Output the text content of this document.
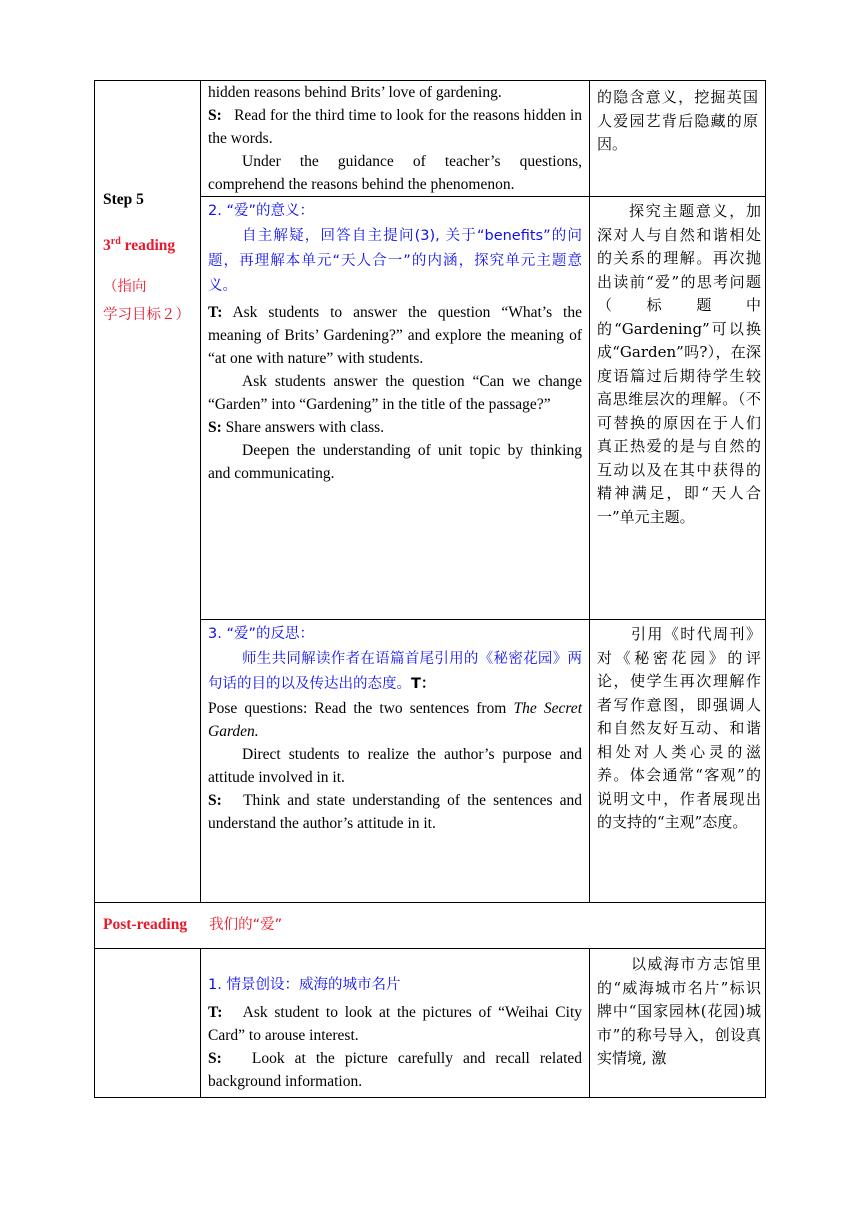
Step 5
3rd reading
（指向
学习目标２）

hidden reasons behind Brits’ love of gardening.

S: Read for the third time to look for the reasons hidden in the words.

Under the guidance of teacher’s questions, comprehend the reasons behind the phenomenon.

的隐含意义，挖掘英国人爱园艺背后隐藏的原因。

2. “爱”的意义：

自主解疑，回答自主提问(3), 关于“benefits”的问题，再理解本单元“天人合一”的内涵，探究单元主题意义。

T: Ask students to answer the question “What’s the meaning of Brits’ Gardening?” and explore the meaning of “at one with nature” with students.

Ask students answer the question “Can we change “Garden” into “Gardening” in the title of the passage?”

S: Share answers with class.

Deepen the understanding of unit topic by thinking and communicating.

探究主题意义，加深对人与自然和谐相处的关系的理解。再次抛出读前“爱”的思考问题（标题中的“Gardening”可以换成“Garden”吗?），在深度语篇过后期待学生较高思维层次的理解。（不可替换的原因在于人们真正热爱的是与自然的互动以及在其中获得的精神满足，即“天人合一”单元主题。

3. “爱”的反思：

师生共同解读作者在语篇首尾引用的《秘密花园》两句话的目的以及传达出的态度。T：

Pose questions: Read the two sentences from The Secret Garden.

Direct students to realize the author’s purpose and attitude involved in it.

S: Think and state understanding of the sentences and understand the author’s attitude in it.

引用《时代周刊》对《秘密花园》的评论，使学生再次理解作者写作意图，即强调人和自然友好互动、和谐相处对人类心灵的滋养。体会通常“客观”的说明文中，作者展现出的支持的“主观”态度。
Post-reading 我们的“爱”

1. 情景创设：威海的城市名片

T: Ask student to look at the pictures of “Weihai City Card” to arouse interest.

S: Look at the picture carefully and recall related background information.

以威海市方志馆里的“威海城市名片”标识牌中“国家园林(花园)城市”的称号导入，创设真实情境, 激
